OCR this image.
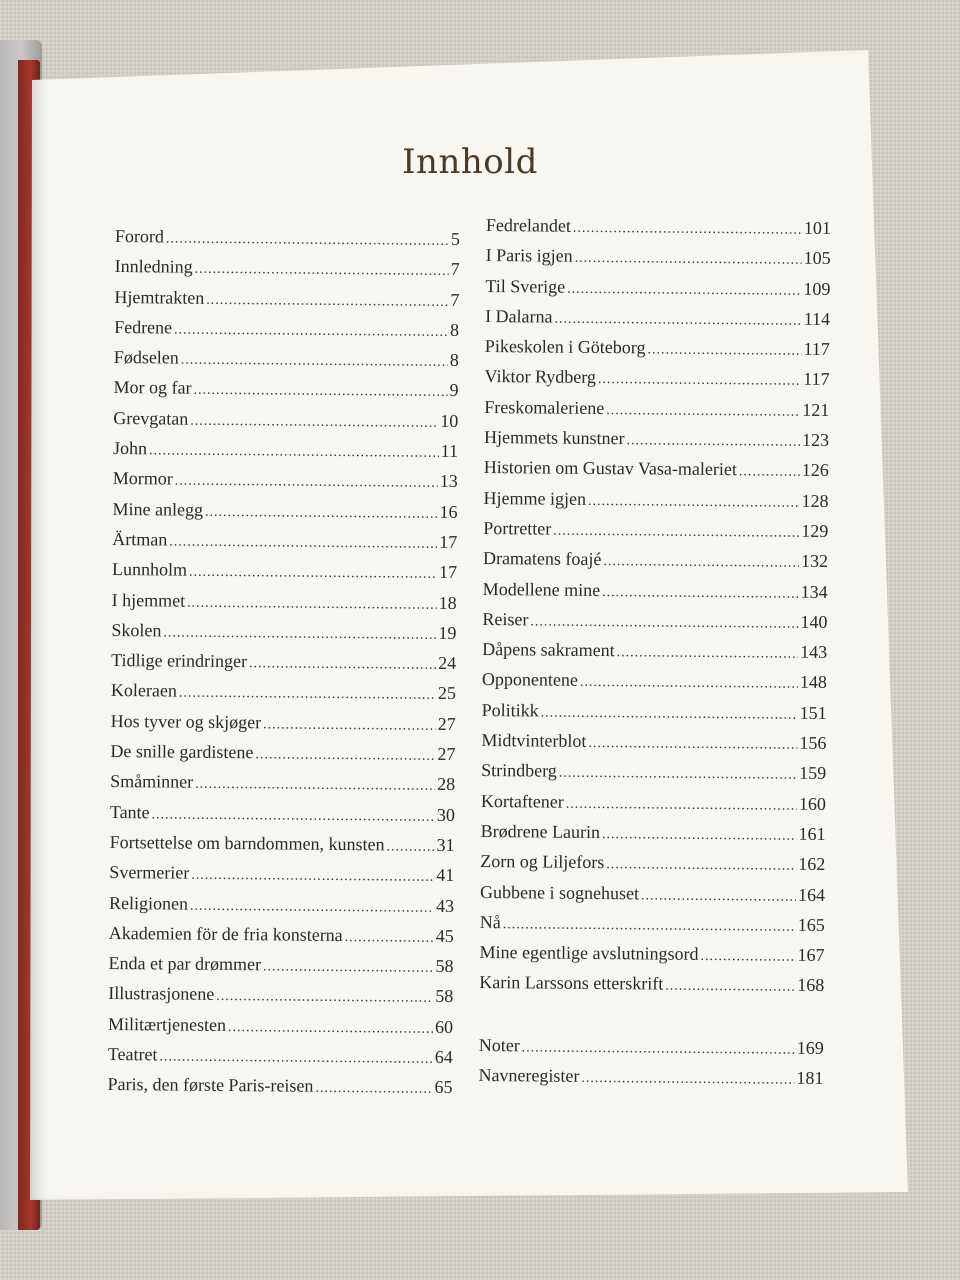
Innhold
Forord .....	5
Innledning .....	7
Hjemtrakten .....	7
Fedrene .....	8
Fødselen .....	8
Mor og far .....	9
Grevgatan .....	10
John .....	11
Mormor .....	13
Mine anlegg .....	16
Ärtman .....	17
Lunnholm .....	17
I hjemmet .....	18
Skolen .....	19
Tidlige erindringer .....	24
Koleraen .....	25
Hos tyver og skjøger .....	27
De snille gardistene .....	27
Småminner .....	28
Tante .....	30
Fortsettelse om barndommen, kunsten .....	31
Svermerier .....	41
Religionen .....	43
Akademien för de fria konsterna .....	45
Enda et par drømmer .....	58
Illustrasjonene .....	58
Militærtjenesten .....	60
Teatret .....	64
Paris, den første Paris-reisen .....	65
Fedrelandet .....	101
I Paris igjen .....	105
Til Sverige .....	109
I Dalarna .....	114
Pikeskolen i Göteborg .....	117
Viktor Rydberg .....	117
Freskomaleriene .....	121
Hjemmets kunstner .....	123
Historien om Gustav Vasa-maleriet .....	126
Hjemme igjen .....	128
Portretter .....	129
Dramatens foajé .....	132
Modellene mine .....	134
Reiser .....	140
Dåpens sakrament .....	143
Opponentene .....	148
Politikk .....	151
Midtvinterblot .....	156
Strindberg .....	159
Kortaftener .....	160
Brødrene Laurin .....	161
Zorn og Liljefors .....	162
Gubbene i sognehuset .....	164
Nå .....	165
Mine egentlige avslutningsord .....	167
Karin Larssons etterskrift .....	168
Noter .....	169
Navneregister .....	181
